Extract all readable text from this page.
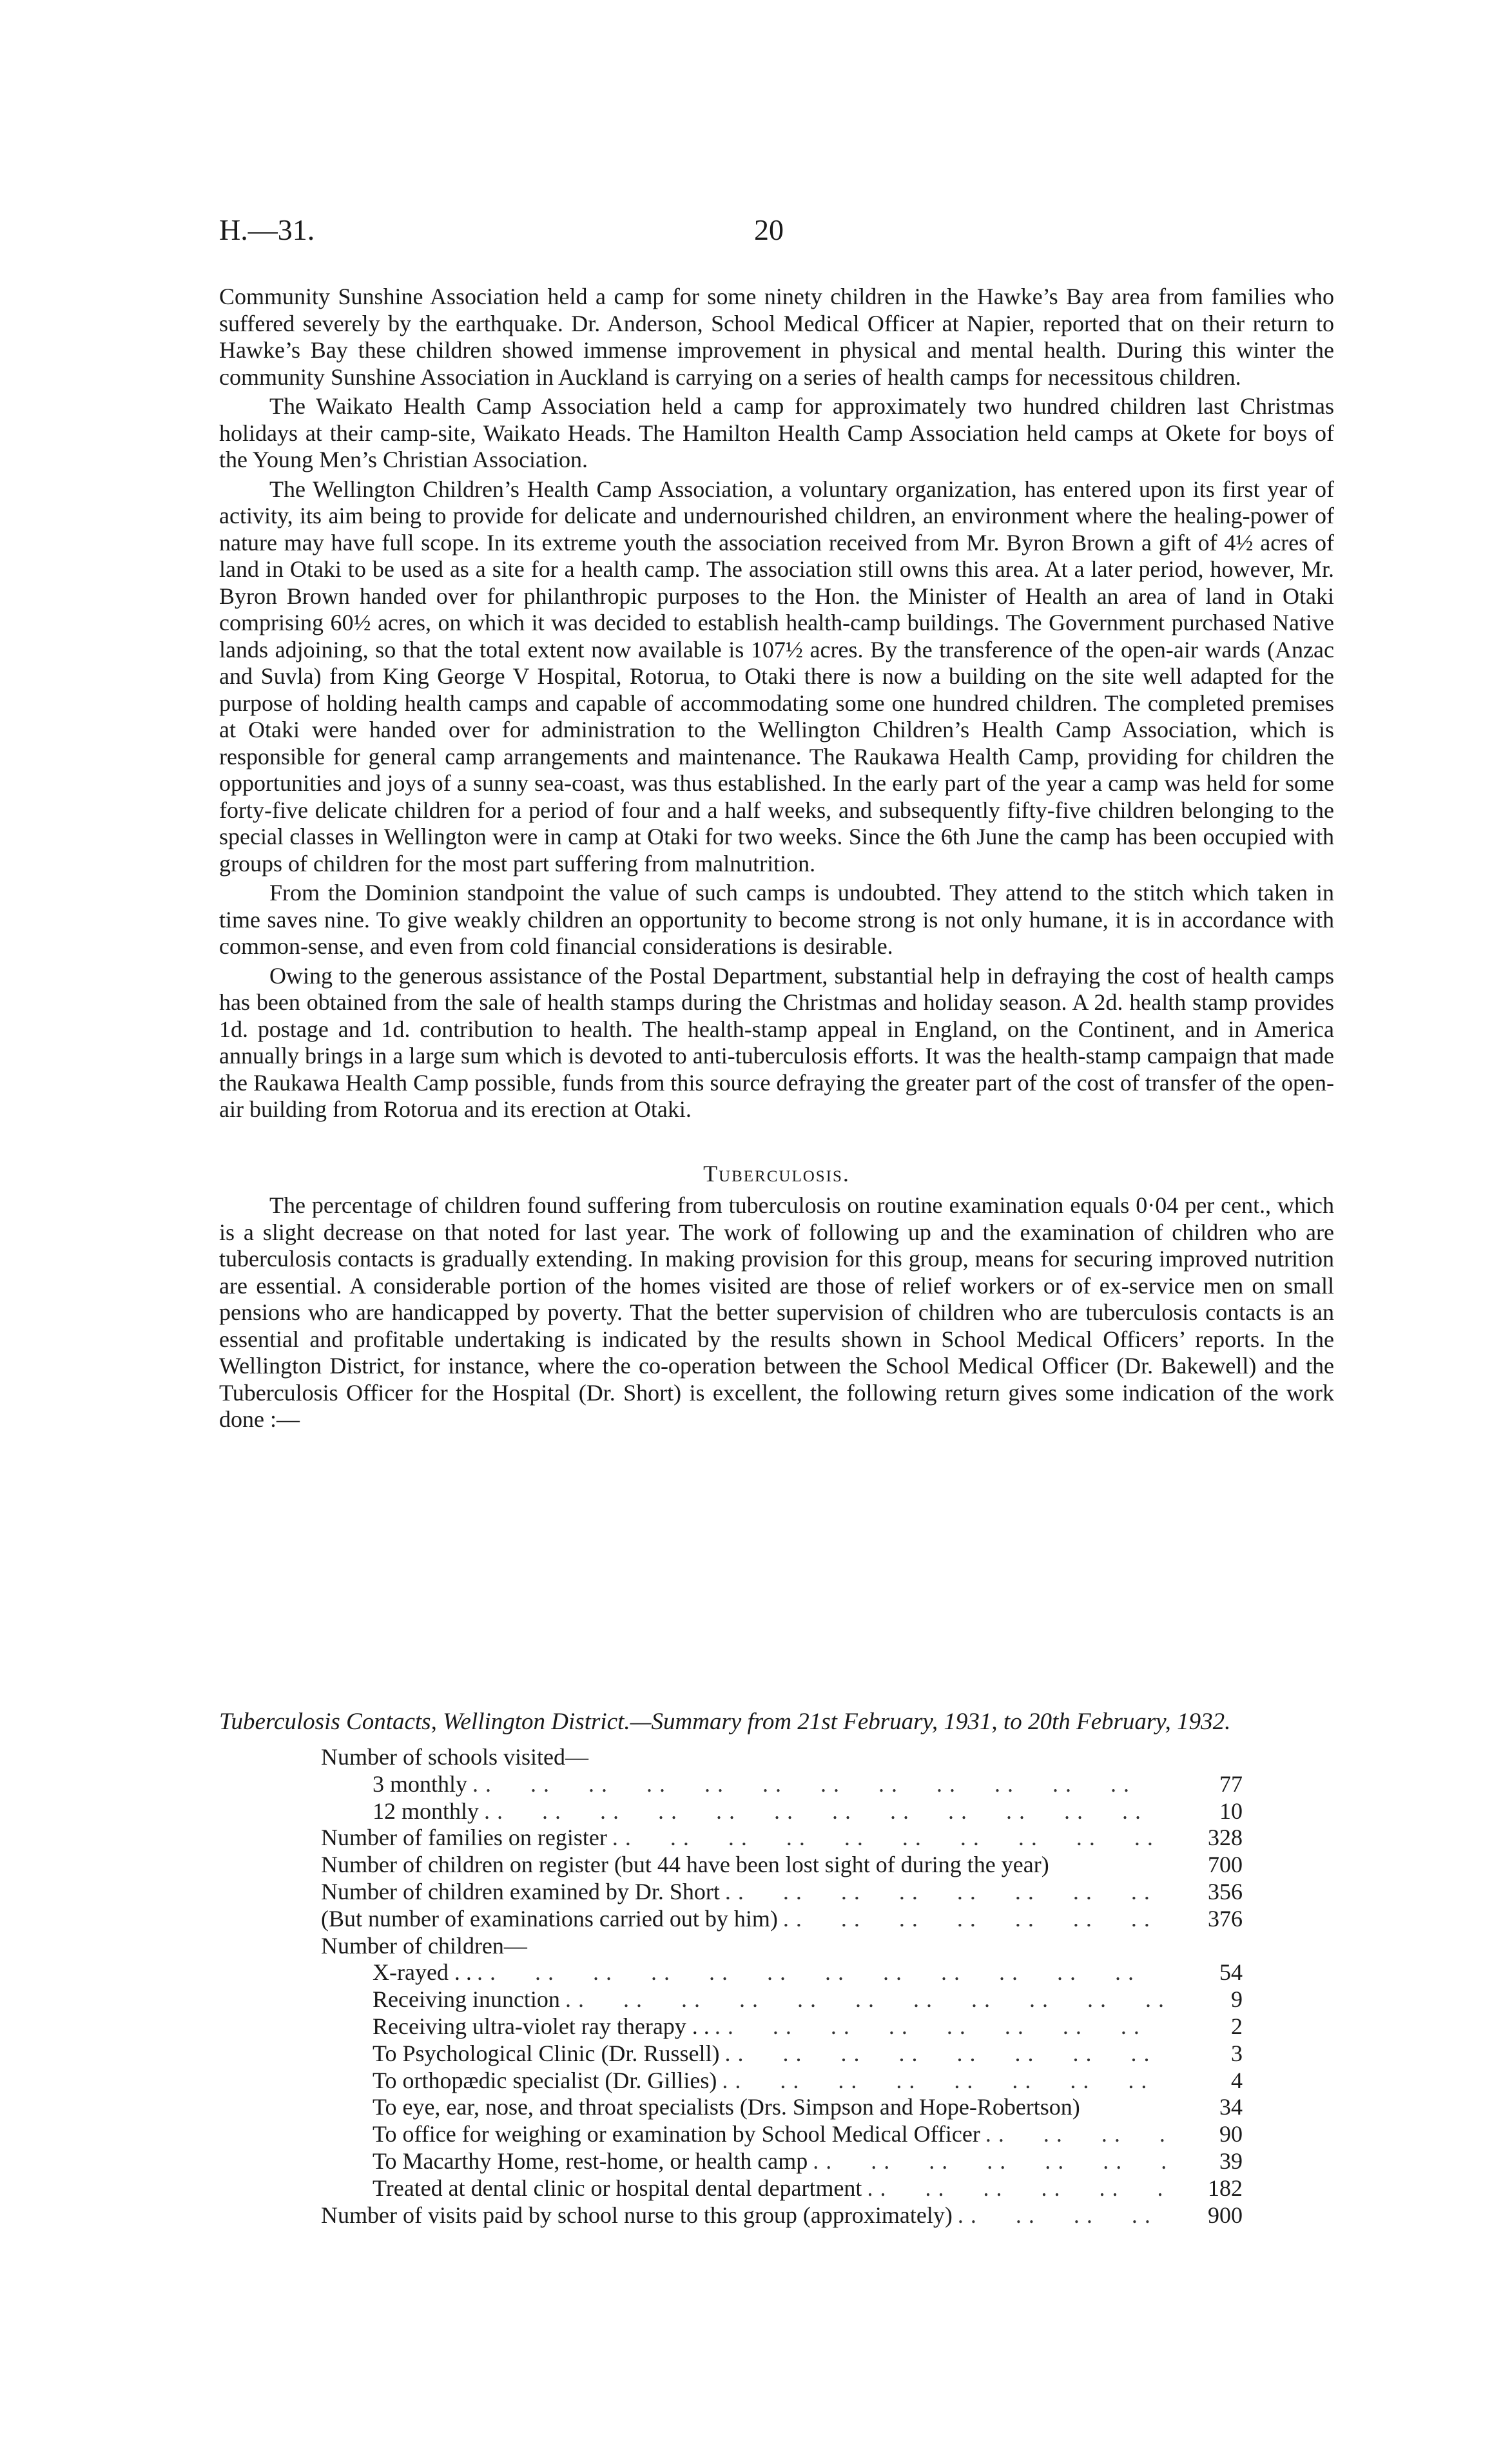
H.—31.	20

Community Sunshine Association held a camp for some ninety children in the Hawke’s Bay area from families who suffered severely by the earthquake. Dr. Anderson, School Medical Officer at Napier, reported that on their return to Hawke’s Bay these children showed immense improvement in physical and mental health. During this winter the community Sunshine Association in Auckland is carrying on a series of health camps for necessitous children.

The Waikato Health Camp Association held a camp for approximately two hundred children last Christmas holidays at their camp-site, Waikato Heads. The Hamilton Health Camp Association held camps at Okete for boys of the Young Men’s Christian Association.

The Wellington Children’s Health Camp Association, a voluntary organization, has entered upon its first year of activity, its aim being to provide for delicate and undernourished children, an environment where the healing-power of nature may have full scope. In its extreme youth the association received from Mr. Byron Brown a gift of 4½ acres of land in Otaki to be used as a site for a health camp. The association still owns this area. At a later period, however, Mr. Byron Brown handed over for philanthropic purposes to the Hon. the Minister of Health an area of land in Otaki comprising 60½ acres, on which it was decided to establish health-camp buildings. The Government purchased Native lands adjoining, so that the total extent now available is 107½ acres. By the transference of the open-air wards (Anzac and Suvla) from King George V Hospital, Rotorua, to Otaki there is now a building on the site well adapted for the purpose of holding health camps and capable of accommodating some one hundred children. The completed premises at Otaki were handed over for administration to the Wellington Children’s Health Camp Association, which is responsible for general camp arrangements and maintenance. The Raukawa Health Camp, providing for children the opportunities and joys of a sunny sea-coast, was thus established. In the early part of the year a camp was held for some forty-five delicate children for a period of four and a half weeks, and subsequently fifty-five children belonging to the special classes in Wellington were in camp at Otaki for two weeks. Since the 6th June the camp has been occupied with groups of children for the most part suffering from malnutrition.

From the Dominion standpoint the value of such camps is undoubted. They attend to the stitch which taken in time saves nine. To give weakly children an opportunity to become strong is not only humane, it is in accordance with common-sense, and even from cold financial considerations is desirable.

Owing to the generous assistance of the Postal Department, substantial help in defraying the cost of health camps has been obtained from the sale of health stamps during the Christmas and holiday season. A 2d. health stamp provides 1d. postage and 1d. contribution to health. The health-stamp appeal in England, on the Continent, and in America annually brings in a large sum which is devoted to anti-tuberculosis efforts. It was the health-stamp campaign that made the Raukawa Health Camp possible, funds from this source defraying the greater part of the cost of transfer of the open-air building from Rotorua and its erection at Otaki.

Tuberculosis.

The percentage of children found suffering from tuberculosis on routine examination equals 0·04 per cent., which is a slight decrease on that noted for last year. The work of following up and the examination of children who are tuberculosis contacts is gradually extending. In making provision for this group, means for securing improved nutrition are essential. A considerable portion of the homes visited are those of relief workers or of ex-service men on small pensions who are handicapped by poverty. That the better supervision of children who are tuberculosis contacts is an essential and profitable undertaking is indicated by the results shown in School Medical Officers’ reports. In the Wellington District, for instance, where the co-operation between the School Medical Officer (Dr. Bakewell) and the Tuberculosis Officer for the Hospital (Dr. Short) is excellent, the following return gives some indication of the work done :—

Tuberculosis Contacts, Wellington District.—Summary from 21st February, 1931, to 20th February, 1932.
Number of schools visited—
3 monthly . .	77
12 monthly . .	10
Number of families on register . .	328
Number of children on register (but 44 have been lost sight of during the year)	700
Number of children examined by Dr. Short . .	356
(But number of examinations carried out by him) . .	376
Number of children—
X-rayed . . . .	54
Receiving inunction . .	9
Receiving ultra-violet ray therapy . . . .	2
To Psychological Clinic (Dr. Russell) . .	3
To orthopædic specialist (Dr. Gillies) . .	4
To eye, ear, nose, and throat specialists (Drs. Simpson and Hope-Robertson)	34
To office for weighing or examination by School Medical Officer . .	90
To Macarthy Home, rest-home, or health camp . .	39
Treated at dental clinic or hospital dental department . .	182
Number of visits paid by school nurse to this group (approximately) . .	900
